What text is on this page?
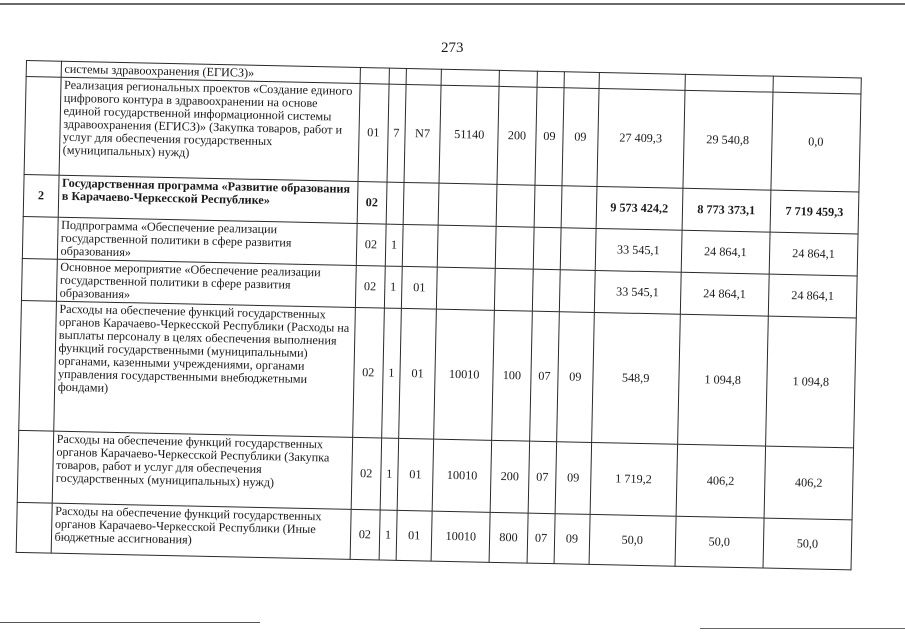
273
	системы здравоохранения (ЕГИСЗ)»										
	Реализация региональных проектов «Создание единого цифрового контура в здравоохранении на основе единой государственной информационной системы здравоохранения (ЕГИСЗ)» (Закупка товаров, работ и услуг для обеспечения государственных (муниципальных) нужд)	01	7	N7	51140	200	09	09	27 409,3	29 540,8	0,0
2	Государственная программа «Развитие образования в Карачаево-Черкесской Республике»	02							9 573 424,2	8 773 373,1	7 719 459,3
	Подпрограмма «Обеспечение реализации государственной политики в сфере развития образования»	02	1						33 545,1	24 864,1	24 864,1
	Основное мероприятие «Обеспечение реализации государственной политики в сфере развития образования»	02	1	01					33 545,1	24 864,1	24 864,1
	Расходы на обеспечение функций государственных органов Карачаево-Черкесской Республики (Расходы на выплаты персоналу в целях обеспечения выполнения функций государственными (муниципальными) органами, казенными учреждениями, органами управления государственными внебюджетными фондами)	02	1	01	10010	100	07	09	548,9	1 094,8	1 094,8
	Расходы на обеспечение функций государственных органов Карачаево-Черкесской Республики (Закупка товаров, работ и услуг для обеспечения государственных (муниципальных) нужд)	02	1	01	10010	200	07	09	1 719,2	406,2	406,2
	Расходы на обеспечение функций государственных органов Карачаево-Черкесской Республики (Иные бюджетные ассигнования)	02	1	01	10010	800	07	09	50,0	50,0	50,0
